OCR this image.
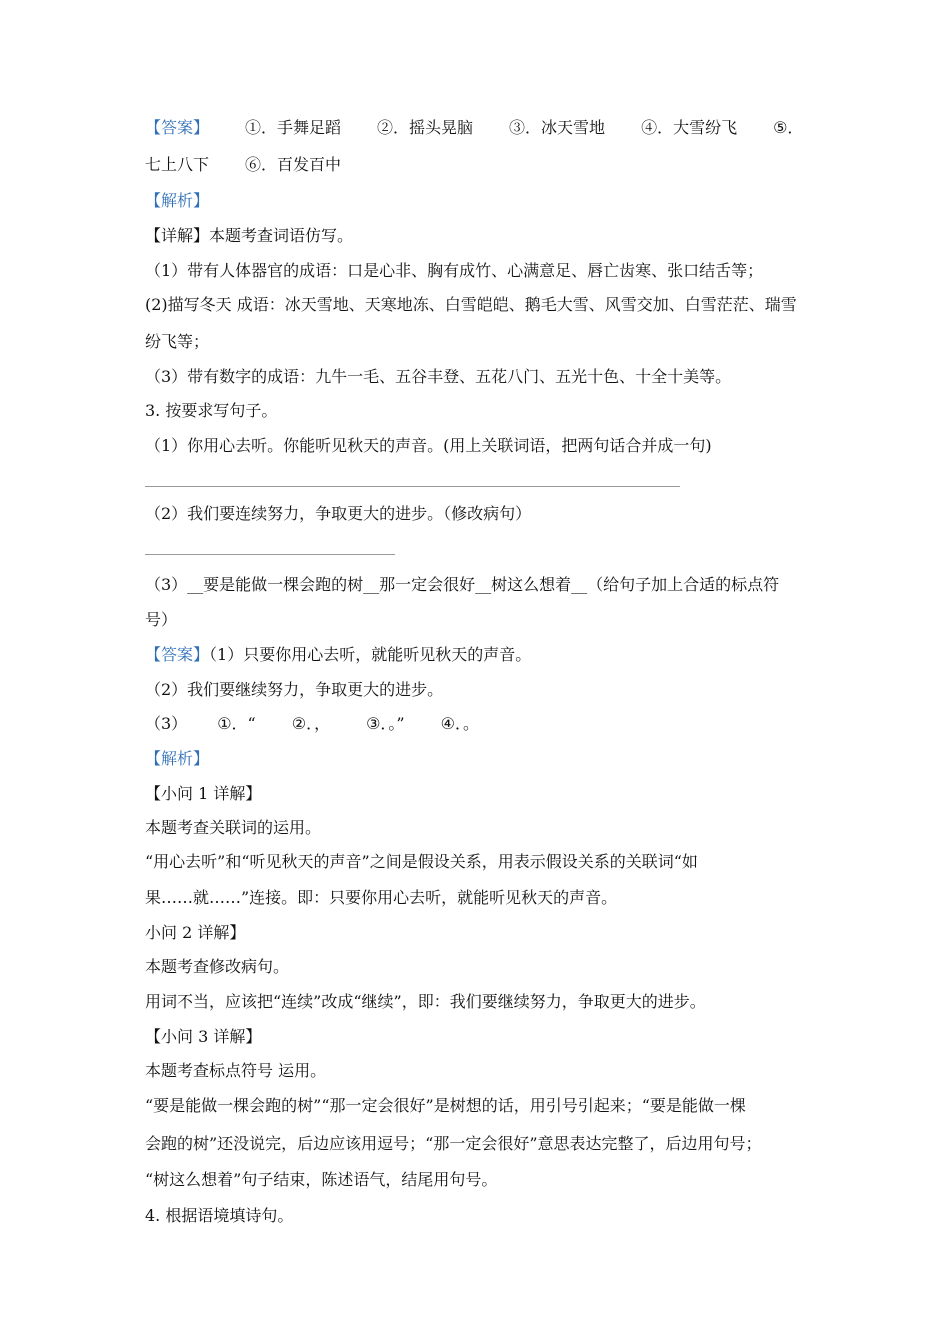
【答案】 ①．手舞足蹈 ②．摇头晃脑 ③．冰天雪地 ④．大雪纷飞 ⑤．
七上八下 ⑥．百发百中
【解析】
【详解】本题考查词语仿写。
（1）带有人体器官的成语：口是心非、胸有成竹、心满意足、唇亡齿寒、张口结舌等；
(2)描写冬天 成语：冰天雪地、天寒地冻、白雪皑皑、鹅毛大雪、风雪交加、白雪茫茫、瑞雪
纷飞等；
（3）带有数字的成语：九牛一毛、五谷丰登、五花八门、五光十色、十全十美等。
3. 按要求写句子。
（1）你用心去听。你能听见秋天的声音。(用上关联词语，把两句话合并成一句)
（2）我们要连续努力，争取更大的进步。（修改病句）
（3）__要是能做一棵会跑的树__那一定会很好__树这么想着__（给句子加上合适的标点符
号）
【答案】（1）只要你用心去听，就能听见秋天的声音。
（2）我们要继续努力，争取更大的进步。
（3） ①．“ ②．， ③．。” ④．。
【解析】
【小问 1 详解】
本题考查关联词的运用。
“用心去听”和“听见秋天的声音”之间是假设关系，用表示假设关系的关联词“如
果……就……”连接。即：只要你用心去听，就能听见秋天的声音。
小问 2 详解】
本题考查修改病句。
用词不当，应该把“连续”改成“继续”，即：我们要继续努力，争取更大的进步。
【小问 3 详解】
本题考查标点符号 运用。
“要是能做一棵会跑的树”“那一定会很好”是树想的话，用引号引起来；“要是能做一棵
会跑的树”还没说完，后边应该用逗号；“那一定会很好”意思表达完整了，后边用句号；
“树这么想着”句子结束，陈述语气，结尾用句号。
4. 根据语境填诗句。
